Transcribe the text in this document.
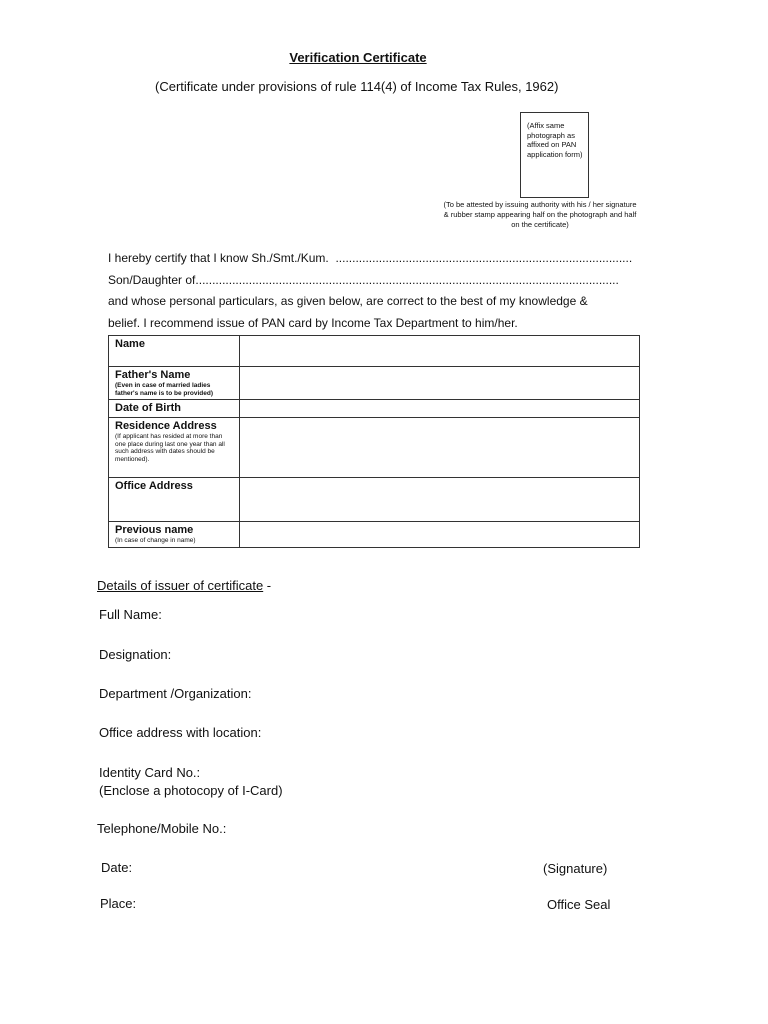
Verification Certificate
(Certificate under provisions of rule 114(4) of Income Tax Rules, 1962)
(Affix same photograph as affixed on PAN application form)
(To be attested by issuing authority with his / her signature & rubber stamp appearing half on the photograph and half on the certificate)
I hereby certify that I know Sh./Smt./Kum. .........................................................................................
Son/Daughter of...............................................................................................................................
and whose personal particulars, as given below, are correct to the best of my knowledge &
belief. I recommend issue of PAN card by Income Tax Department to him/her.
Name	

Father's Name
(Even in case of married ladies father's name is to be provided)	

Date of Birth	

Residence Address
(If applicant has resided at more than one place during last one year than all such address with dates should be mentioned).	

Office Address	

Previous name
(In case of change in name)	

Details of issuer of certificate -
Full Name:
Designation:
Department /Organization:
Office address with location:
Identity Card No.:
(Enclose a photocopy of I-Card)
Telephone/Mobile No.:
Date:
Place:
(Signature)
Office Seal
